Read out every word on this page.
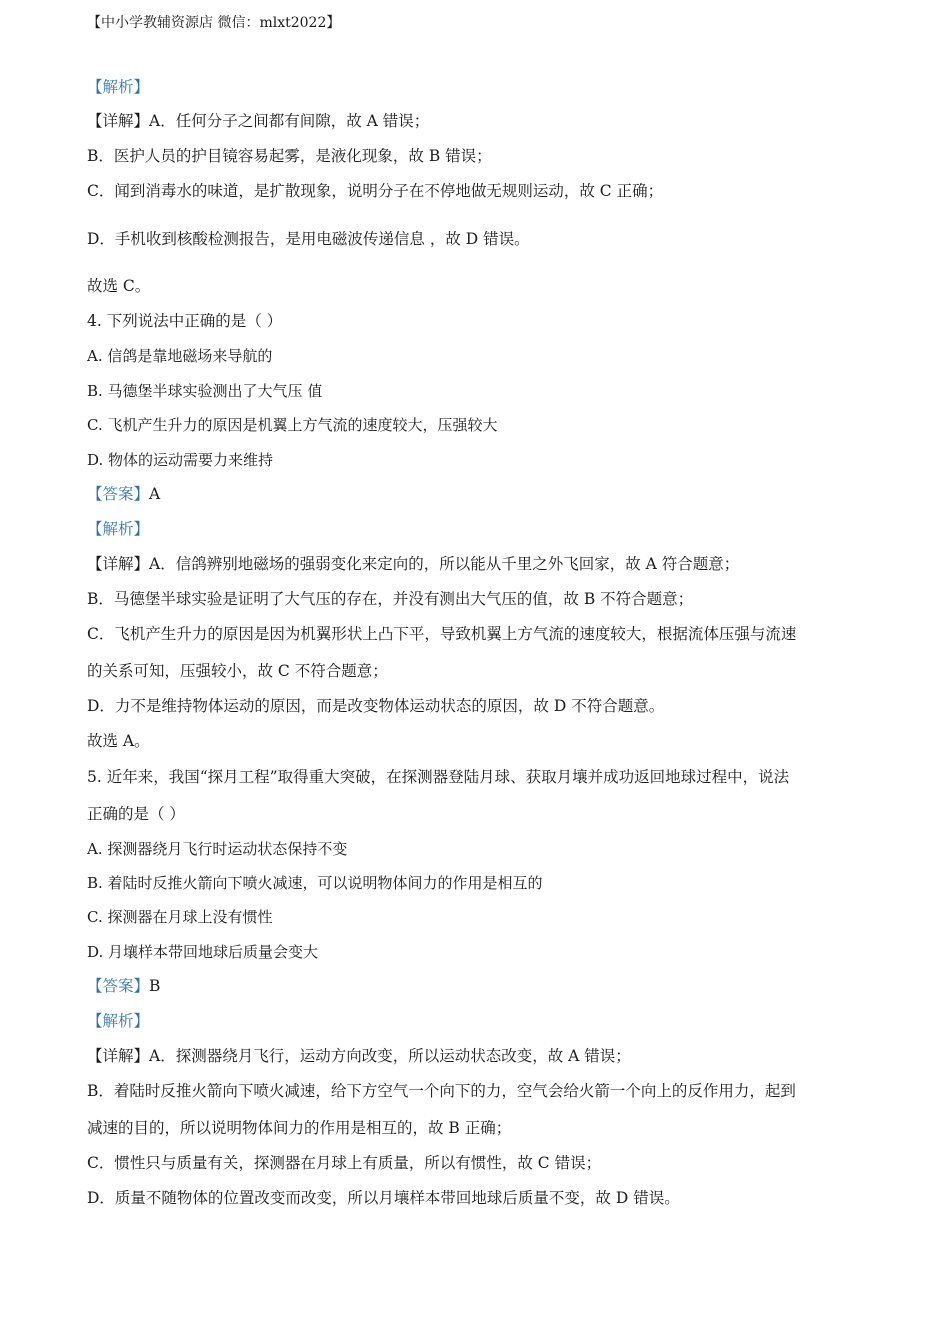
【中小学教辅资源店 微信：mlxt2022】
【解析】
【详解】A．任何分子之间都有间隙，故 A 错误；
B．医护人员的护目镜容易起雾，是液化现象，故 B 错误；
C．闻到消毒水的味道，是扩散现象，说明分子在不停地做无规则运动，故 C 正确；
D．手机收到核酸检测报告，是用电磁波传递信息 ，故 D 错误。
故选 C。
4. 下列说法中正确的是（ ）
A. 信鸽是靠地磁场来导航的
B. 马德堡半球实验测出了大气压 值
C. 飞机产生升力的原因是机翼上方气流的速度较大，压强较大
D. 物体的运动需要力来维持
【答案】A
【解析】
【详解】A．信鸽辨别地磁场的强弱变化来定向的，所以能从千里之外飞回家，故 A 符合题意；
B．马德堡半球实验是证明了大气压的存在，并没有测出大气压的值，故 B 不符合题意；
C．飞机产生升力的原因是因为机翼形状上凸下平，导致机翼上方气流的速度较大，根据流体压强与流速
的关系可知，压强较小，故 C 不符合题意；
D．力不是维持物体运动的原因，而是改变物体运动状态的原因，故 D 不符合题意。
故选 A。
5. 近年来，我国“探月工程”取得重大突破，在探测器登陆月球、获取月壤并成功返回地球过程中，说法
正确的是（ ）
A. 探测器绕月飞行时运动状态保持不变
B. 着陆时反推火箭向下喷火减速，可以说明物体间力的作用是相互的
C. 探测器在月球上没有惯性
D. 月壤样本带回地球后质量会变大
【答案】B
【解析】
【详解】A．探测器绕月飞行，运动方向改变，所以运动状态改变，故 A 错误；
B．着陆时反推火箭向下喷火减速，给下方空气一个向下的力，空气会给火箭一个向上的反作用力，起到
减速的目的，所以说明物体间力的作用是相互的，故 B 正确；
C．惯性只与质量有关，探测器在月球上有质量，所以有惯性，故 C 错误；
D．质量不随物体的位置改变而改变，所以月壤样本带回地球后质量不变，故 D 错误。
